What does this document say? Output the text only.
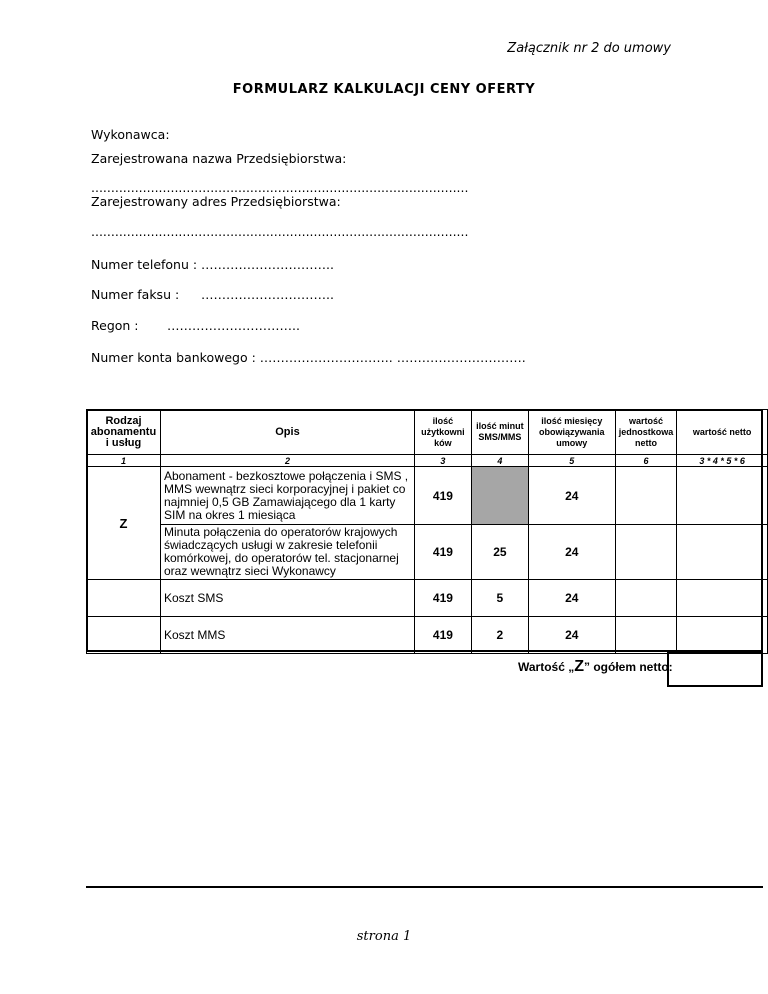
Załącznik nr 2 do umowy
FORMULARZ KALKULACJI CENY OFERTY
Wykonawca:
Zarejestrowana nazwa Przedsiębiorstwa:
...............................................................................................
Zarejestrowany adres Przedsiębiorstwa:
...............................................................................................
Numer telefonu : …………………………..
Numer faksu : …………………………..
Regon : …………………………..
Numer konta bankowego : ………………………….. ………………………….
Rodzaj abonamentu i usług	Opis	ilość użytkowni ków	ilość minut SMS/MMS	ilość miesięcy obowiązywania umowy	wartość jednostkowa netto	wartość netto
1	2	3	4	5	6	3 * 4 * 5 * 6
Z	Abonament - bezkosztowe połączenia i SMS , MMS wewnątrz sieci korporacyjnej i pakiet co najmniej 0,5 GB Zamawiającego dla 1 karty SIM na okres 1 miesiąca	419		24		
	Minuta połączenia do operatorów krajowych świadczących usługi w zakresie telefonii komórkowej, do operatorów tel. stacjonarnej oraz wewnątrz sieci Wykonawcy	419	25	24		
	Koszt SMS	419	5	24		
	Koszt MMS	419	2	24		
Wartość „Z” ogółem netto:
strona 1
